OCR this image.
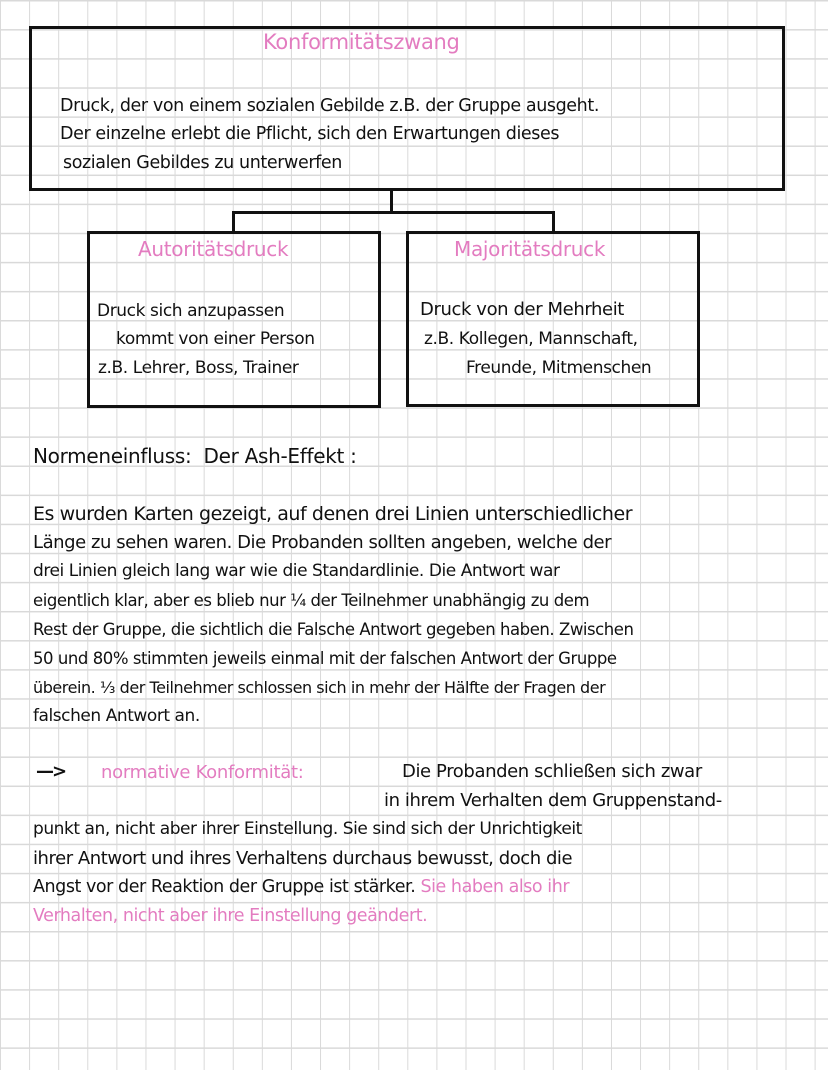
Konformitätszwang
Druck, der von einem sozialen Gebilde z.B. der Gruppe ausgeht.
Der einzelne erlebt die Pflicht, sich den Erwartungen dieses
sozialen Gebildes zu unterwerfen
Autoritätsdruck
Druck sich anzupassen
kommt von einer Person
z.B. Lehrer, Boss, Trainer
Majoritätsdruck
Druck von der Mehrheit
z.B. Kollegen, Mannschaft,
Freunde, Mitmenschen
Normeneinfluss:  Der Ash-Effekt :
Es wurden Karten gezeigt, auf denen drei Linien unterschiedlicher
Länge zu sehen waren. Die Probanden sollten angeben, welche der
drei Linien gleich lang war wie die Standardlinie. Die Antwort war
eigentlich klar, aber es blieb nur ¼ der Teilnehmer unabhängig zu dem
Rest der Gruppe, die sichtlich die Falsche Antwort gegeben haben. Zwischen
50 und 80% stimmten jeweils einmal mit der falschen Antwort der Gruppe
überein. ⅓ der Teilnehmer schlossen sich in mehr der Hälfte der Fragen der
falschen Antwort an.
—> normative Konformität:	Die Probanden schließen sich zwar
in ihrem Verhalten dem Gruppenstand-
punkt an, nicht aber ihrer Einstellung. Sie sind sich der Unrichtigkeit
ihrer Antwort und ihres Verhaltens durchaus bewusst, doch die
Angst vor der Reaktion der Gruppe ist stärker. Sie haben also ihr
Verhalten, nicht aber ihre Einstellung geändert.
